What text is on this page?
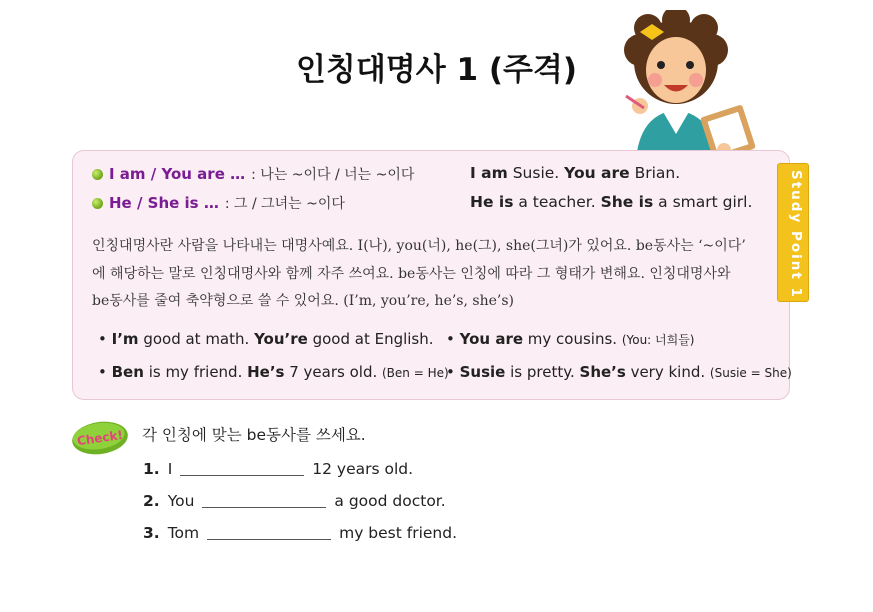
인칭대명사 1 (주격)
I am / You are … : 나는 ~이다 / 너는 ~이다	I am Susie. You are Brian.
He / She is … : 그 / 그녀는 ~이다	He is a teacher. She is a smart girl.
인칭대명사란 사람을 나타내는 대명사예요. I(나), you(너), he(그), she(그녀)가 있어요. be동사는 ‘~이다’
에 해당하는 말로 인칭대명사와 함께 자주 쓰여요. be동사는 인칭에 따라 그 형태가 변해요. 인칭대명사와
be동사를 줄여 축약형으로 쓸 수 있어요. (I’m, you’re, he’s, she’s)
• I’m good at math. You’re good at English. • You are my cousins. (You: 너희들)
• Ben is my friend. He’s 7 years old. (Ben = He)
• Susie is pretty. She’s very kind. (Susie = She)
Study Point 1
Check! 각 인칭에 맞는 be동사를 쓰세요.
1. I	12 years old.
2. You	a good doctor.
3. Tom	my best friend.
